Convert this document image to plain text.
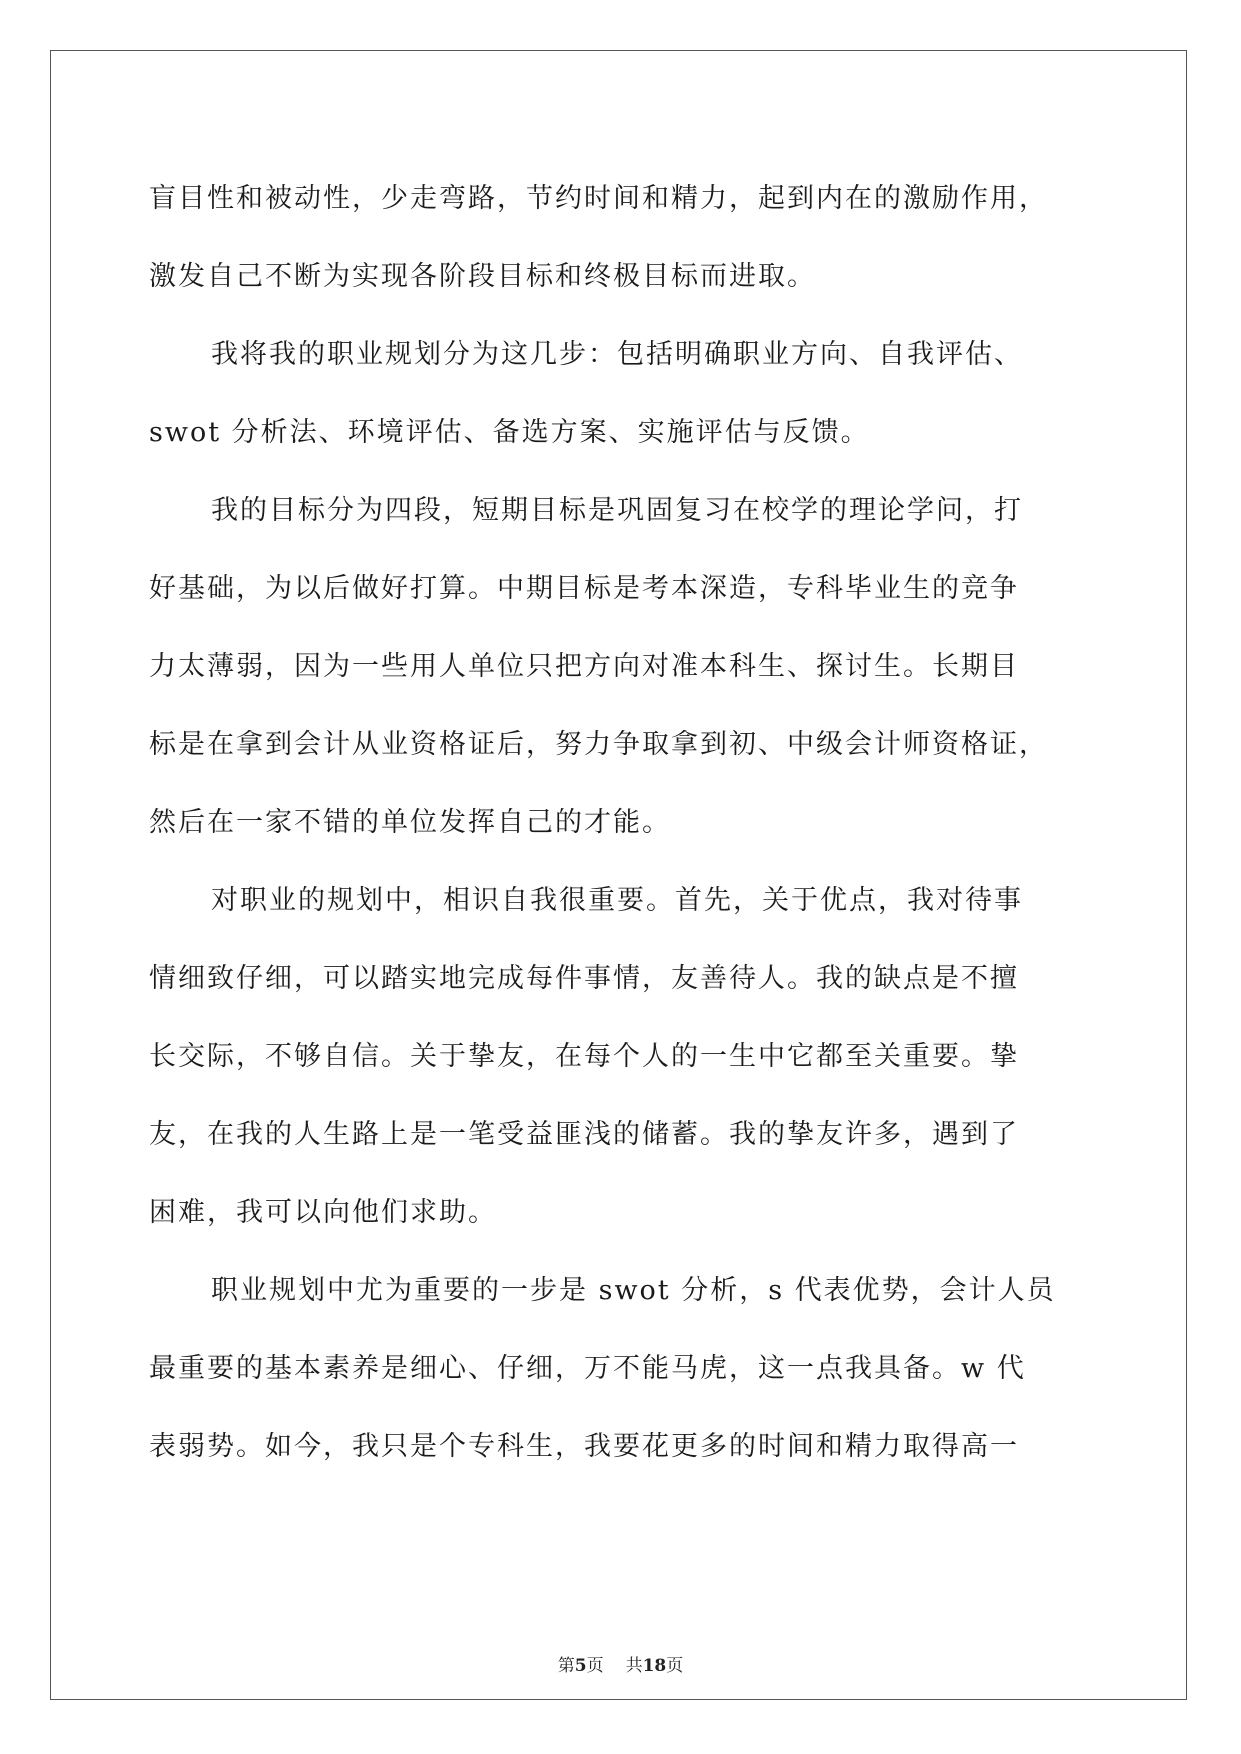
盲目性和被动性，少走弯路，节约时间和精力，起到内在的激励作用，
激发自己不断为实现各阶段目标和终极目标而进取。
我将我的职业规划分为这几步：包括明确职业方向、自我评估、
swot 分析法、环境评估、备选方案、实施评估与反馈。
我的目标分为四段，短期目标是巩固复习在校学的理论学问，打
好基础，为以后做好打算。中期目标是考本深造，专科毕业生的竞争
力太薄弱，因为一些用人单位只把方向对准本科生、探讨生。长期目
标是在拿到会计从业资格证后，努力争取拿到初、中级会计师资格证，
然后在一家不错的单位发挥自己的才能。
对职业的规划中，相识自我很重要。首先，关于优点，我对待事
情细致仔细，可以踏实地完成每件事情，友善待人。我的缺点是不擅
长交际，不够自信。关于挚友，在每个人的一生中它都至关重要。挚
友，在我的人生路上是一笔受益匪浅的储蓄。我的挚友许多，遇到了
困难，我可以向他们求助。
职业规划中尤为重要的一步是 swot 分析，s 代表优势，会计人员
最重要的基本素养是细心、仔细，万不能马虎，这一点我具备。w 代
表弱势。如今，我只是个专科生，我要花更多的时间和精力取得高一
第5页 共18页
